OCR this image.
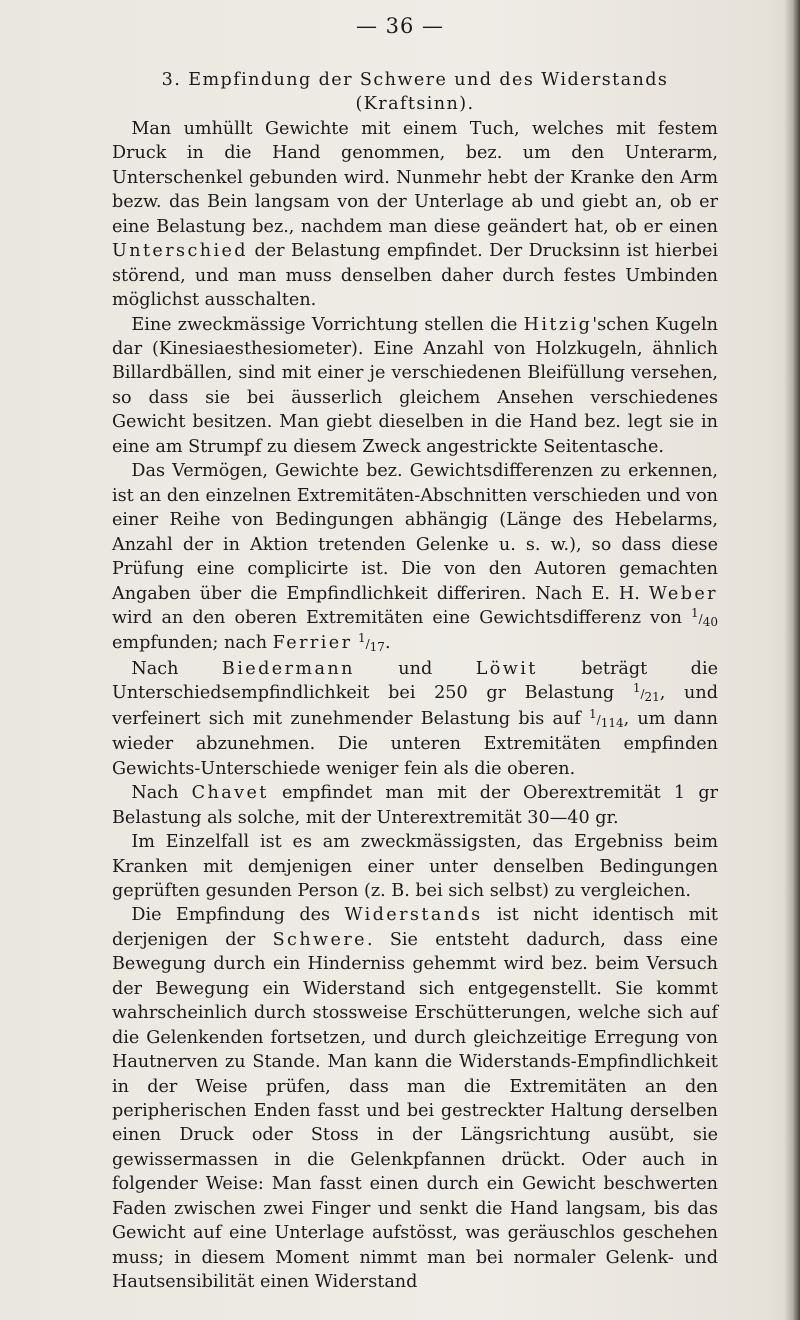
— 36 —
3. Empfindung der Schwere und des Widerstands
(Kraftsinn).

Man umhüllt Gewichte mit einem Tuch, welches mit festem Druck in die Hand genommen, bez. um den Unterarm, Unterschenkel gebunden wird. Nunmehr hebt der Kranke den Arm bezw. das Bein langsam von der Unterlage ab und giebt an, ob er eine Belastung bez., nachdem man diese geändert hat, ob er einen Unterschied der Belastung empfindet. Der Drucksinn ist hierbei störend, und man muss denselben daher durch festes Umbinden möglichst ausschalten.

Eine zweckmässige Vorrichtung stellen die Hitzig'schen Kugeln dar (Kinesiaesthesiometer). Eine Anzahl von Holzkugeln, ähnlich Billardbällen, sind mit einer je verschiedenen Bleifüllung versehen, so dass sie bei äusserlich gleichem Ansehen verschiedenes Gewicht besitzen. Man giebt dieselben in die Hand bez. legt sie in eine am Strumpf zu diesem Zweck angestrickte Seitentasche.

Das Vermögen, Gewichte bez. Gewichtsdifferenzen zu erkennen, ist an den einzelnen Extremitäten-Abschnitten verschieden und von einer Reihe von Bedingungen abhängig (Länge des Hebelarms, Anzahl der in Aktion tretenden Gelenke u. s. w.), so dass diese Prüfung eine complicirte ist. Die von den Autoren gemachten Angaben über die Empfindlichkeit differiren. Nach E. H. Weber wird an den oberen Extremitäten eine Gewichtsdifferenz von 1/40 empfunden; nach Ferrier 1/17.

Nach Biedermann und Löwit beträgt die Unterschiedsempfindlichkeit bei 250 gr Belastung 1/21, und verfeinert sich mit zunehmender Belastung bis auf 1/114, um dann wieder abzunehmen. Die unteren Extremitäten empfinden Gewichts-Unterschiede weniger fein als die oberen.

Nach Chavet empfindet man mit der Oberextremität 1 gr Belastung als solche, mit der Unterextremität 30—40 gr.

Im Einzelfall ist es am zweckmässigsten, das Ergebniss beim Kranken mit demjenigen einer unter denselben Bedingungen geprüften gesunden Person (z. B. bei sich selbst) zu vergleichen.

Die Empfindung des Widerstands ist nicht identisch mit derjenigen der Schwere. Sie entsteht dadurch, dass eine Bewegung durch ein Hinderniss gehemmt wird bez. beim Versuch der Bewegung ein Widerstand sich entgegenstellt. Sie kommt wahrscheinlich durch stossweise Erschütterungen, welche sich auf die Gelenkenden fortsetzen, und durch gleichzeitige Erregung von Hautnerven zu Stande. Man kann die Widerstands-Empfindlichkeit in der Weise prüfen, dass man die Extremitäten an den peripherischen Enden fasst und bei gestreckter Haltung derselben einen Druck oder Stoss in der Längsrichtung ausübt, sie gewissermassen in die Gelenkpfannen drückt. Oder auch in folgender Weise: Man fasst einen durch ein Gewicht beschwerten Faden zwischen zwei Finger und senkt die Hand langsam, bis das Gewicht auf eine Unterlage aufstösst, was geräuschlos geschehen muss; in diesem Moment nimmt man bei normaler Gelenk- und Hautsensibilität einen Widerstand
